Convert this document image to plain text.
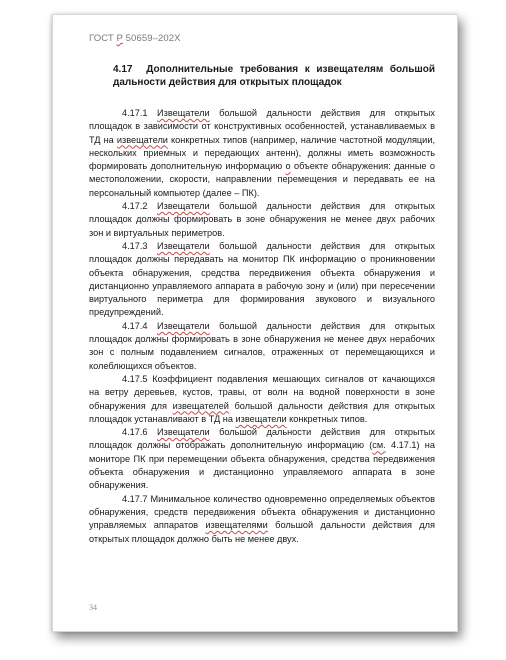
ГОСТ Р 50659–202Х
4.17 Дополнительные требования к извещателям большой дальности действия для открытых площадок

4.17.1 Извещатели большой дальности действия для открытых площадок в зависимости от конструктивных особенностей, устанавливаемых в ТД на извещатели конкретных типов (например, наличие частотной модуляции, нескольких приемных и передающих антенн), должны иметь возможность формировать дополнительную информацию о объекте обнаружения: данные о местоположении, скорости, направлении перемещения и передавать ее на персональный компьютер (далее – ПК).

4.17.2 Извещатели большой дальности действия для открытых площадок должны формировать в зоне обнаружения не менее двух рабочих зон и виртуальных периметров.

4.17.3 Извещатели большой дальности действия для открытых площадок должны передавать на монитор ПК информацию о проникновении объекта обнаружения, средства передвижения объекта обнаружения и дистанционно управляемого аппарата в рабочую зону и (или) при пересечении виртуального периметра для формирования звукового и визуального предупреждений.

4.17.4 Извещатели большой дальности действия для открытых площадок должны формировать в зоне обнаружения не менее двух нерабочих зон с полным подавлением сигналов, отраженных от перемещающихся и колеблющихся объектов.

4.17.5 Коэффициент подавления мешающих сигналов от качающихся на ветру деревьев, кустов, травы, от волн на водной поверхности в зоне обнаружения для извещателей большой дальности действия для открытых площадок устанавливают в ТД на извещатели конкретных типов.

4.17.6 Извещатели большой дальности действия для открытых площадок должны отображать дополнительную информацию (см. 4.17.1) на мониторе ПК при перемещении объекта обнаружения, средства передвижения объекта обнаружения и дистанционно управляемого аппарата в зоне обнаружения.

4.17.7 Минимальное количество одновременно определяемых объектов обнаружения, средств передвижения объекта обнаружения и дистанционно управляемых аппаратов извещателями большой дальности действия для открытых площадок должно быть не менее двух.

34
